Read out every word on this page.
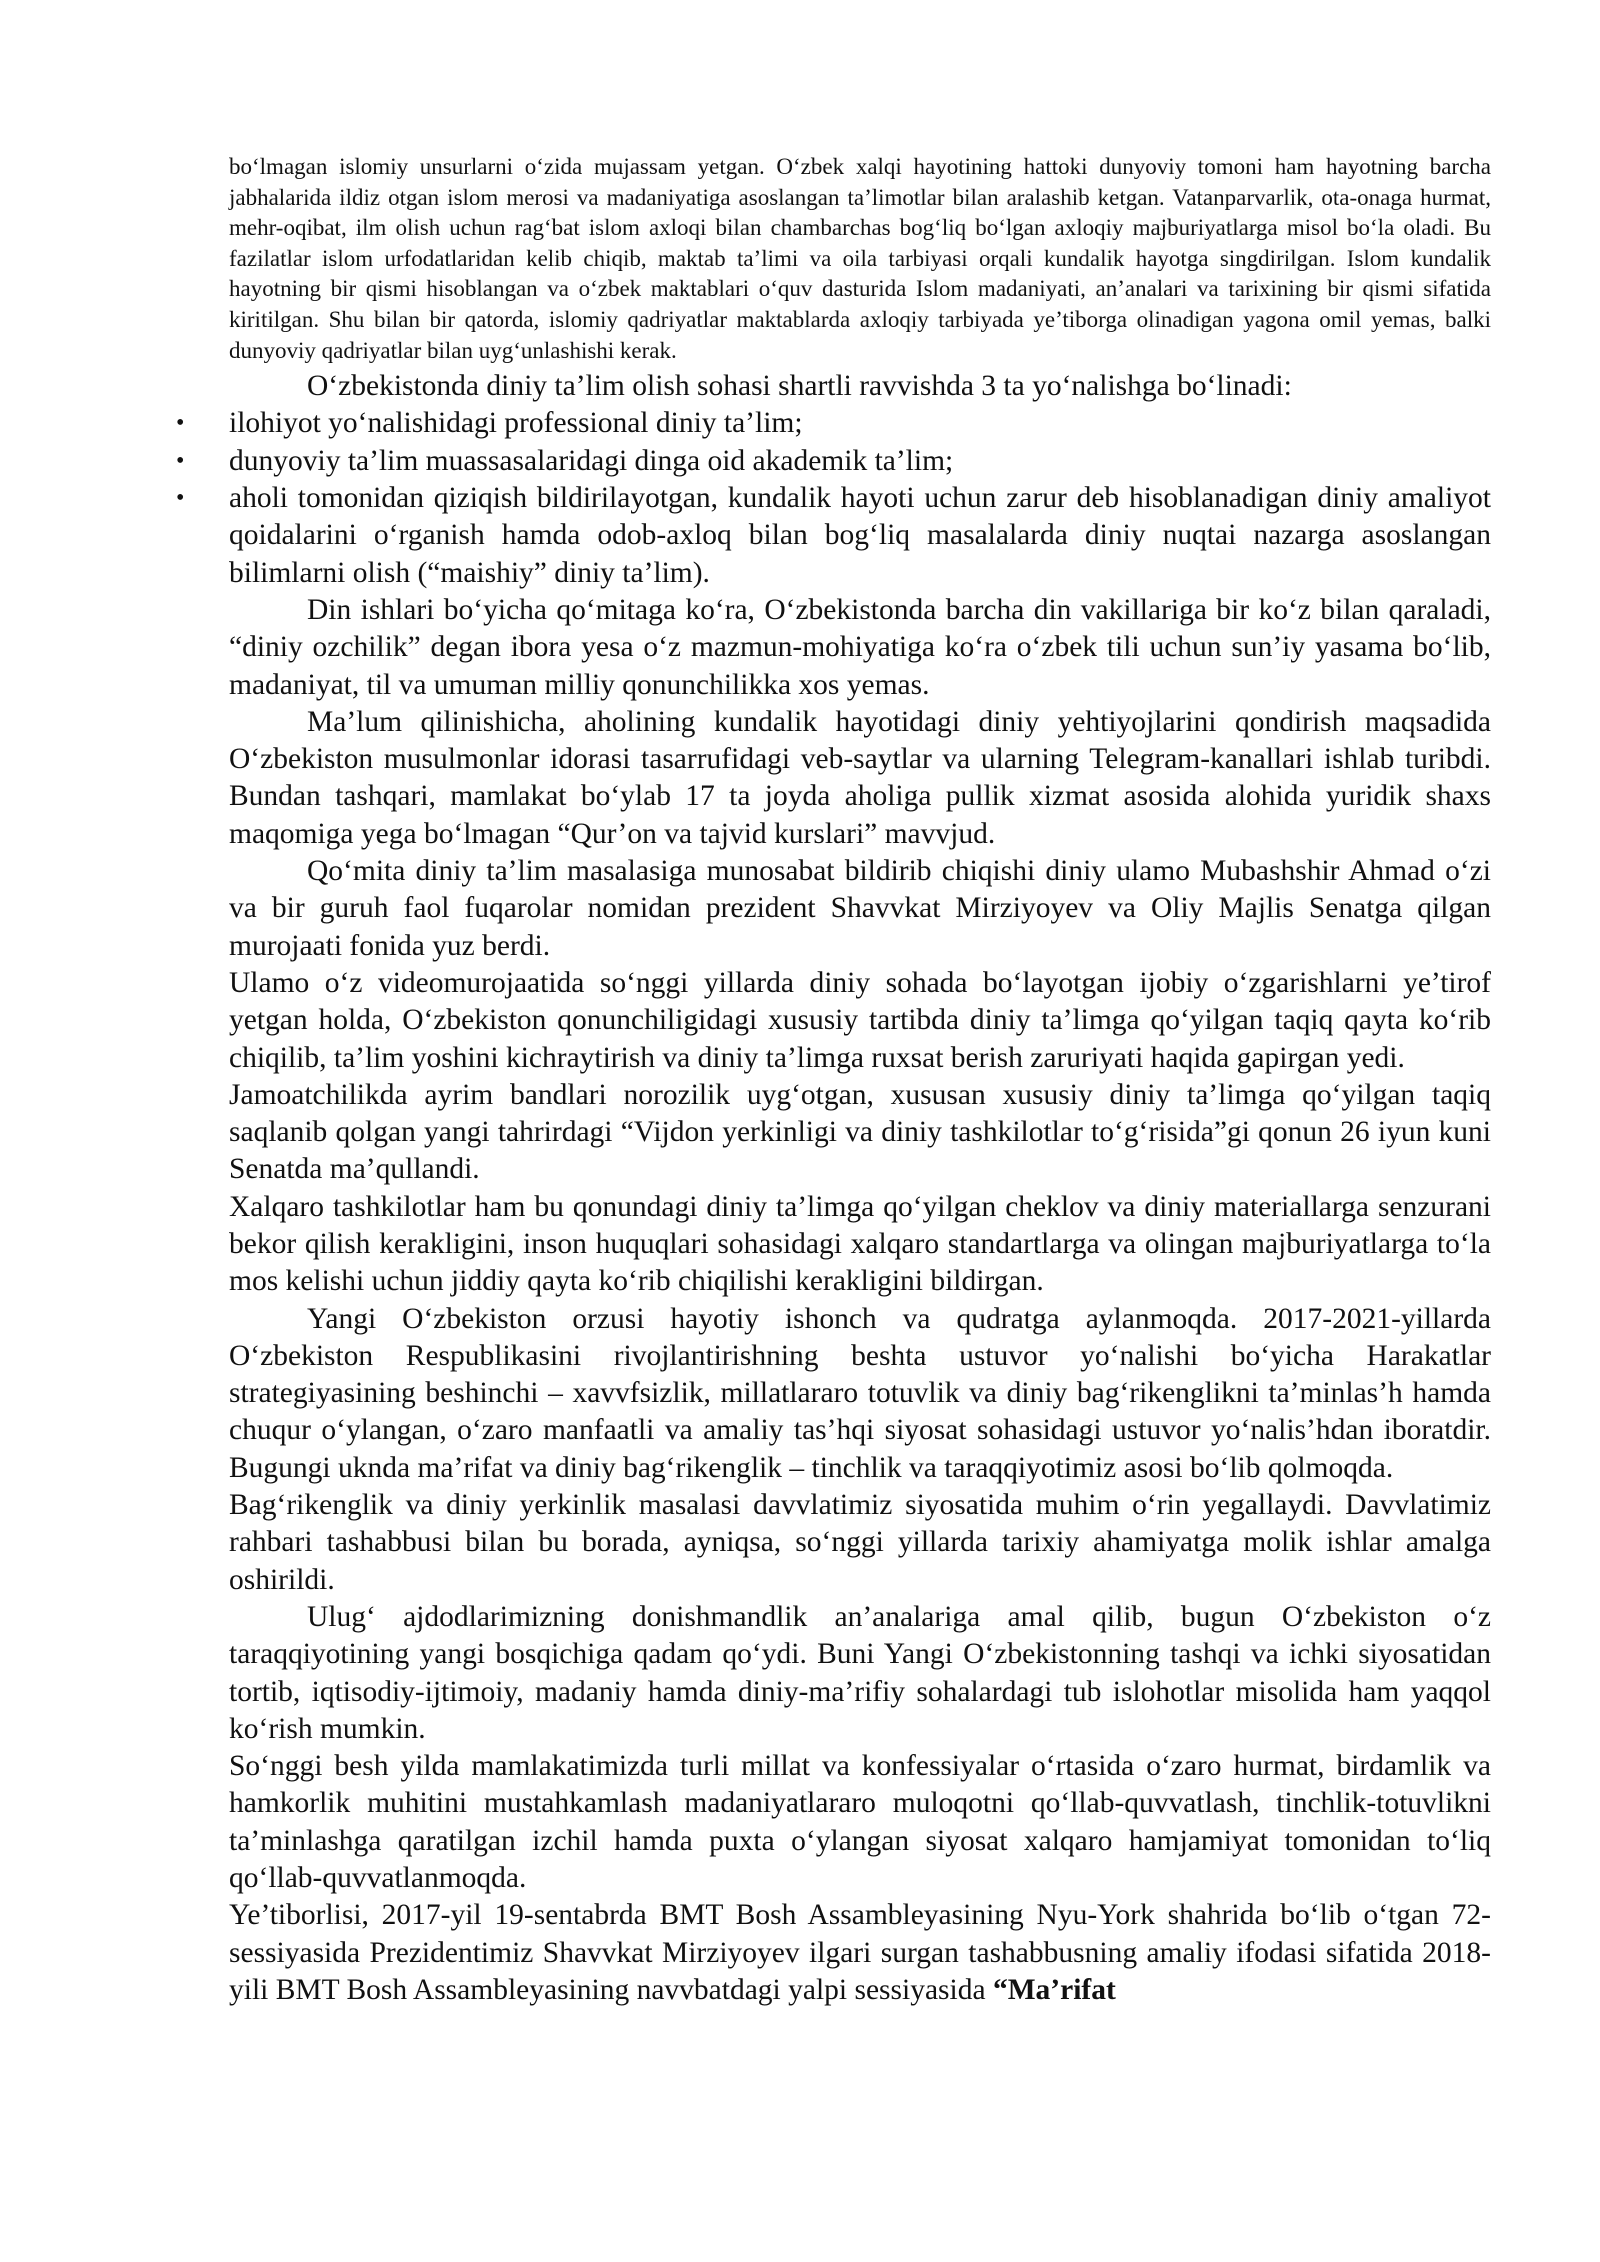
bo‘lmagan islomiy unsurlarni o‘zida mujassam yetgan. O‘zbek xalqi hayotining hattoki dunyoviy tomoni ham hayotning barcha jabhalarida ildiz otgan islom merosi va madaniyatiga asoslangan ta’limotlar bilan aralashib ketgan. Vatanparvarlik, ota-onaga hurmat, mehr-oqibat, ilm olish uchun rag‘bat islom axloqi bilan chambarchas bog‘liq bo‘lgan axloqiy majburiyatlarga misol bo‘la oladi. Bu fazilatlar islom urfodatlaridan kelib chiqib, maktab ta’limi va oila tarbiyasi orqali kundalik hayotga singdirilgan. Islom kundalik hayotning bir qismi hisoblangan va o‘zbek maktablari o‘quv dasturida Islom madaniyati, an’analari va tarixining bir qismi sifatida kiritilgan. Shu bilan bir qatorda, islomiy qadriyatlar maktablarda axloqiy tarbiyada ye’tiborga olinadigan yagona omil yemas, balki dunyoviy qadriyatlar bilan uyg‘unlashishi kerak.

O‘zbekistonda diniy ta’lim olish sohasi shartli ravvishda 3 ta yo‘nalishga bo‘linadi:

• ilohiyot yo‘nalishidagi professional diniy ta’lim;
• dunyoviy ta’lim muassasalaridagi dinga oid akademik ta’lim;
• aholi tomonidan qiziqish bildirilayotgan, kundalik hayoti uchun zarur deb hisoblanadigan diniy amaliyot qoidalarini o‘rganish hamda odob-axloq bilan bog‘liq masalalarda diniy nuqtai nazarga asoslangan bilimlarni olish (“maishiy” diniy ta’lim).

Din ishlari bo‘yicha qo‘mitaga ko‘ra, O‘zbekistonda barcha din vakillariga bir ko‘z bilan qaraladi, “diniy ozchilik” degan ibora yesa o‘z mazmun-mohiyatiga ko‘ra o‘zbek tili uchun sun’iy yasama bo‘lib, madaniyat, til va umuman milliy qonunchilikka xos yemas.

Ma’lum qilinishicha, aholining kundalik hayotidagi diniy yehtiyojlarini qondirish maqsadida O‘zbekiston musulmonlar idorasi tasarrufidagi veb-saytlar va ularning Telegram-kanallari ishlab turibdi. Bundan tashqari, mamlakat bo‘ylab 17 ta joyda aholiga pullik xizmat asosida alohida yuridik shaxs maqomiga yega bo‘lmagan “Qur’on va tajvid kurslari” mavvjud.

Qo‘mita diniy ta’lim masalasiga munosabat bildirib chiqishi diniy ulamo Mubashshir Ahmad o‘zi va bir guruh faol fuqarolar nomidan prezident Shavvkat Mirziyoyev va Oliy Majlis Senatga qilgan murojaati fonida yuz berdi.

Ulamo o‘z videomurojaatida so‘nggi yillarda diniy sohada bo‘layotgan ijobiy o‘zgarishlarni ye’tirof yetgan holda, O‘zbekiston qonunchiligidagi xususiy tartibda diniy ta’limga qo‘yilgan taqiq qayta ko‘rib chiqilib, ta’lim yoshini kichraytirish va diniy ta’limga ruxsat berish zaruriyati haqida gapirgan yedi.

Jamoatchilikda ayrim bandlari norozilik uyg‘otgan, xususan xususiy diniy ta’limga qo‘yilgan taqiq saqlanib qolgan yangi tahrirdagi “Vijdon yerkinligi va diniy tashkilotlar to‘g‘risida”gi qonun 26 iyun kuni Senatda ma’qullandi.

Xalqaro tashkilotlar ham bu qonundagi diniy ta’limga qo‘yilgan cheklov va diniy materiallarga senzurani bekor qilish kerakligini, inson huquqlari sohasidagi xalqaro standartlarga va olingan majburiyatlarga to‘la mos kelishi uchun jiddiy qayta ko‘rib chiqilishi kerakligini bildirgan.

Yangi O‘zbekiston orzusi hayotiy ishonch va qudratga aylanmoqda. 2017-2021-yillarda O‘zbekiston Respublikasini rivojlantirishning beshta ustuvor yo‘nalishi bo‘yicha Harakatlar strategiyasining beshinchi – xavvfsizlik, millatlararo totuvlik va diniy bag‘rikenglikni ta’minlas’h hamda chuqur o‘ylangan, o‘zaro manfaatli va amaliy tas’hqi siyosat sohasidagi ustuvor yo‘nalis’hdan iboratdir. Bugungi uknda ma’rifat va diniy bag‘rikenglik – tinchlik va taraqqiyotimiz asosi bo‘lib qolmoqda.

Bag‘rikenglik va diniy yerkinlik masalasi davvlatimiz siyosatida muhim o‘rin yegallaydi. Davvlatimiz rahbari tashabbusi bilan bu borada, ayniqsa, so‘nggi yillarda tarixiy ahamiyatga molik ishlar amalga oshirildi.

Ulug‘ ajdodlarimizning donishmandlik an’analariga amal qilib, bugun O‘zbekiston o‘z taraqqiyotining yangi bosqichiga qadam qo‘ydi. Buni Yangi O‘zbekistonning tashqi va ichki siyosatidan tortib, iqtisodiy-ijtimoiy, madaniy hamda diniy-ma’rifiy sohalardagi tub islohotlar misolida ham yaqqol ko‘rish mumkin.

So‘nggi besh yilda mamlakatimizda turli millat va konfessiyalar o‘rtasida o‘zaro hurmat, birdamlik va hamkorlik muhitini mustahkamlash madaniyatlararo muloqotni qo‘llab-quvvatlash, tinchlik-totuvlikni ta’minlashga qaratilgan izchil hamda puxta o‘ylangan siyosat xalqaro hamjamiyat tomonidan to‘liq qo‘llab-quvvatlanmoqda.

Ye’tiborlisi, 2017-yil 19-sentabrda BMT Bosh Assambleyasining Nyu-York shahrida bo‘lib o‘tgan 72-sessiyasida Prezidentimiz Shavvkat Mirziyoyev ilgari surgan tashabbusning amaliy ifodasi sifatida 2018-yili BMT Bosh Assambleyasining navvbatdagi yalpi sessiyasida “Ma’rifat
